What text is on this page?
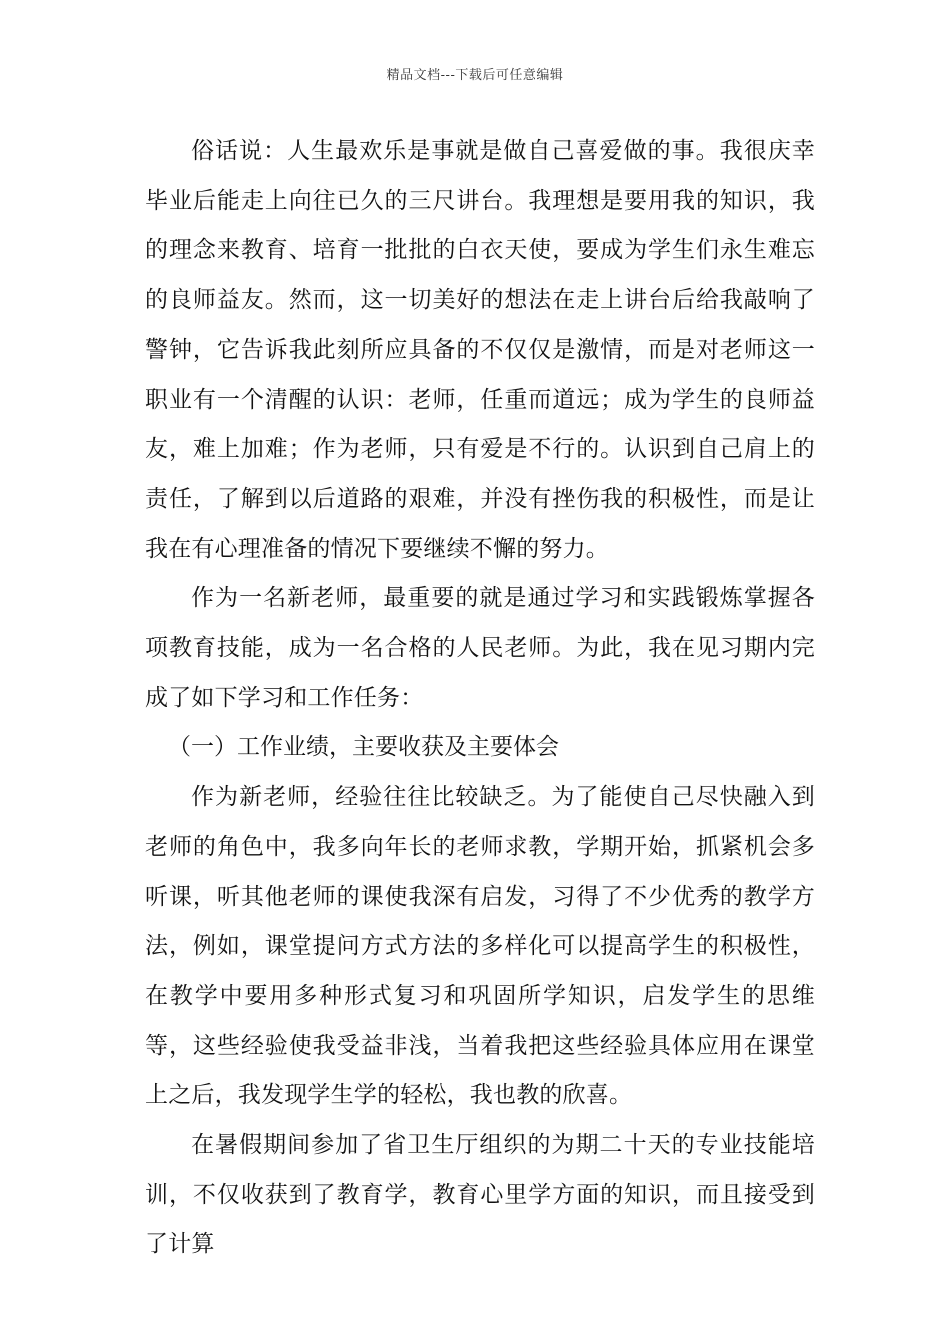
精品文档---下载后可任意编辑

俗话说：人生最欢乐是事就是做自己喜爱做的事。我很庆幸毕业后能走上向往已久的三尺讲台。我理想是要用我的知识，我的理念来教育、培育一批批的白衣天使，要成为学生们永生难忘的良师益友。然而，这一切美好的想法在走上讲台后给我敲响了警钟，它告诉我此刻所应具备的不仅仅是激情，而是对老师这一职业有一个清醒的认识：老师，任重而道远；成为学生的良师益友，难上加难；作为老师，只有爱是不行的。认识到自己肩上的责任，了解到以后道路的艰难，并没有挫伤我的积极性，而是让我在有心理准备的情况下要继续不懈的努力。

作为一名新老师，最重要的就是通过学习和实践锻炼掌握各项教育技能，成为一名合格的人民老师。为此，我在见习期内完成了如下学习和工作任务：

（一）工作业绩，主要收获及主要体会

作为新老师，经验往往比较缺乏。为了能使自己尽快融入到老师的角色中，我多向年长的老师求教，学期开始，抓紧机会多听课，听其他老师的课使我深有启发，习得了不少优秀的教学方法，例如，课堂提问方式方法的多样化可以提高学生的积极性，在教学中要用多种形式复习和巩固所学知识，启发学生的思维等，这些经验使我受益非浅，当着我把这些经验具体应用在课堂上之后，我发现学生学的轻松，我也教的欣喜。

在暑假期间参加了省卫生厅组织的为期二十天的专业技能培训，不仅收获到了教育学，教育心里学方面的知识，而且接受到了计算
